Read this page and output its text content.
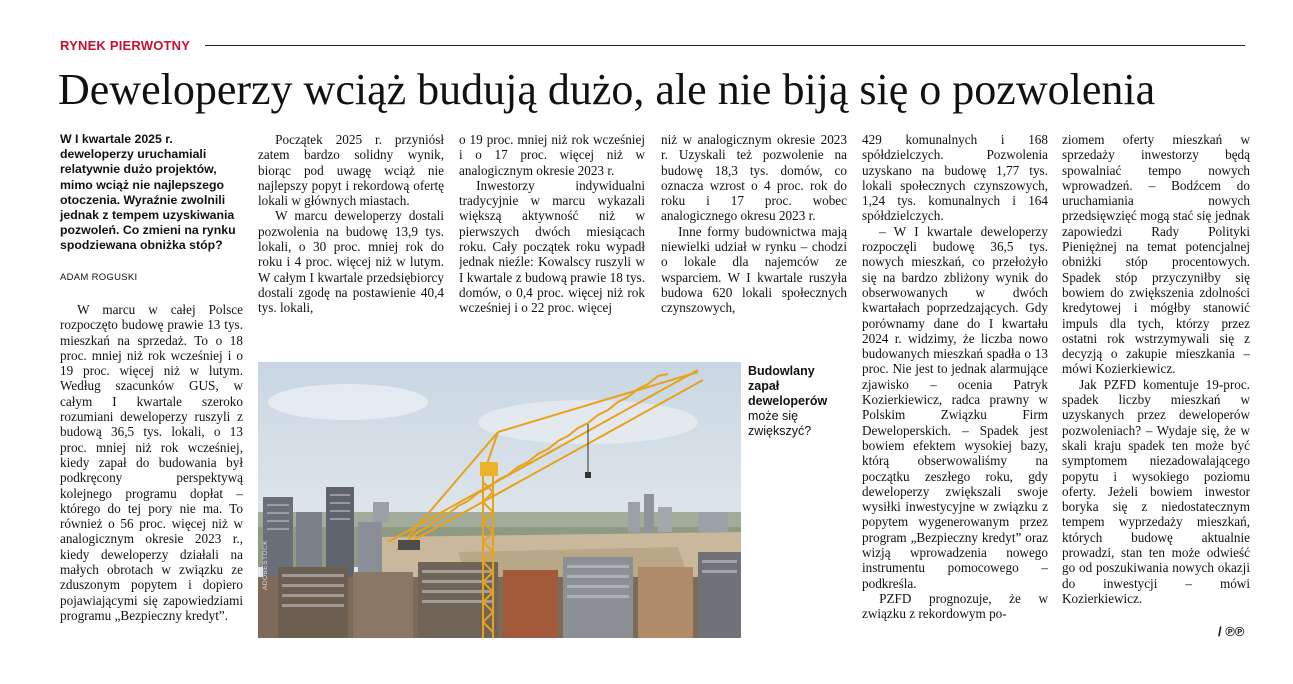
RYNEK PIERWOTNY
Deweloperzy wciąż budują dużo, ale nie biją się o pozwolenia
W I kwartale 2025 r. deweloperzy uruchamiali relatywnie dużo projektów, mimo wciąż nie najlepszego otoczenia. Wyraźnie zwolnili jednak z tempem uzyskiwania pozwoleń. Co zmieni na rynku spodziewana obniżka stóp?
ADAM ROGUSKI

W marcu w całej Polsce rozpoczęto budowę prawie 13 tys. mieszkań na sprzedaż. To o 18 proc. mniej niż rok wcześniej i o 19 proc. więcej niż w lutym. Według szacunków GUS, w całym I kwartale szeroko rozumiani deweloperzy ruszyli z budową 36,5 tys. lokali, o 13 proc. mniej niż rok wcześniej, kiedy zapał do budowania był podkręcony perspektywą kolejnego programu dopłat – którego do tej pory nie ma. To również o 56 proc. więcej niż w analogicznym okresie 2023 r., kiedy deweloperzy działali na małych obrotach w związku ze zduszonym popytem i dopiero pojawiającymi się zapowiedziami programu „Bezpieczny kredyt”.

Początek 2025 r. przyniósł zatem bardzo solidny wynik, biorąc pod uwagę wciąż nie najlepszy popyt i rekordową ofertę lokali w głównych miastach.

W marcu deweloperzy dostali pozwolenia na budowę 13,9 tys. lokali, o 30 proc. mniej rok do roku i 4 proc. więcej niż w lutym. W całym I kwartale przedsiębiorcy dostali zgodę na postawienie 40,4 tys. lokali,

o 19 proc. mniej niż rok wcześniej i o 17 proc. więcej niż w analogicznym okresie 2023 r.

Inwestorzy indywidualni tradycyjnie w marcu wykazali większą aktywność niż w pierwszych dwóch miesiącach roku. Cały początek roku wypadł jednak nieźle: Kowalscy ruszyli w I kwartale z budową prawie 18 tys. domów, o 0,4 proc. więcej niż rok wcześniej i o 22 proc. więcej

niż w analogicznym okresie 2023 r. Uzyskali też pozwolenie na budowę 18,3 tys. domów, co oznacza wzrost o 4 proc. rok do roku i 17 proc. wobec analogicznego okresu 2023 r.

Inne formy budownictwa mają niewielki udział w rynku – chodzi o lokale dla najemców ze wsparciem. W I kwartale ruszyła budowa 620 lokali społecznych czynszowych,

429 komunalnych i 168 spółdzielczych. Pozwolenia uzyskano na budowę 1,77 tys. lokali społecznych czynszowych, 1,24 tys. komunalnych i 164 spółdzielczych.

– W I kwartale deweloperzy rozpoczęli budowę 36,5 tys. nowych mieszkań, co przełożyło się na bardzo zbliżony wynik do obserwowanych w dwóch kwartałach poprzedzających. Gdy porównamy dane do I kwartału 2024 r. widzimy, że liczba nowo budowanych mieszkań spadła o 13 proc. Nie jest to jednak alarmujące zjawisko – ocenia Patryk Kozierkiewicz, radca prawny w Polskim Związku Firm Deweloperskich. – Spadek jest bowiem efektem wysokiej bazy, którą obserwowaliśmy na początku zeszłego roku, gdy deweloperzy zwiększali swoje wysiłki inwestycyjne w związku z popytem wygenerowanym przez program „Bezpieczny kredyt” oraz wizją wprowadzenia nowego instrumentu pomocowego – podkreśla.

PZFD prognozuje, że w związku z rekordowym po-

ziomem oferty mieszkań w sprzedaży inwestorzy będą spowalniać tempo nowych wprowadzeń. – Bodźcem do uruchamiania nowych przedsięwzięć mogą stać się jednak zapowiedzi Rady Polityki Pieniężnej na temat potencjalnej obniżki stóp procentowych. Spadek stóp przyczyniłby się bowiem do zwiększenia zdolności kredytowej i mógłby stanowić impuls dla tych, którzy przez ostatni rok wstrzymywali się z decyzją o zakupie mieszkania – mówi Kozierkiewicz.

Jak PZFD komentuje 19-proc. spadek liczby mieszkań w uzyskanych przez deweloperów pozwoleniach? – Wydaje się, że w skali kraju spadek ten może być symptomem niezadowalającego popytu i wysokiego poziomu oferty. Jeżeli bowiem inwestor boryka się z niedostatecznym tempem wyprzedaży mieszkań, których budowę aktualnie prowadzi, stan ten może odwieść go od poszukiwania nowych okazji do inwestycji – mówi Kozierkiewicz.

ADOBESTOCK
Budowlany zapał deweloperów
może się zwiększyć?
/ ℗℗
